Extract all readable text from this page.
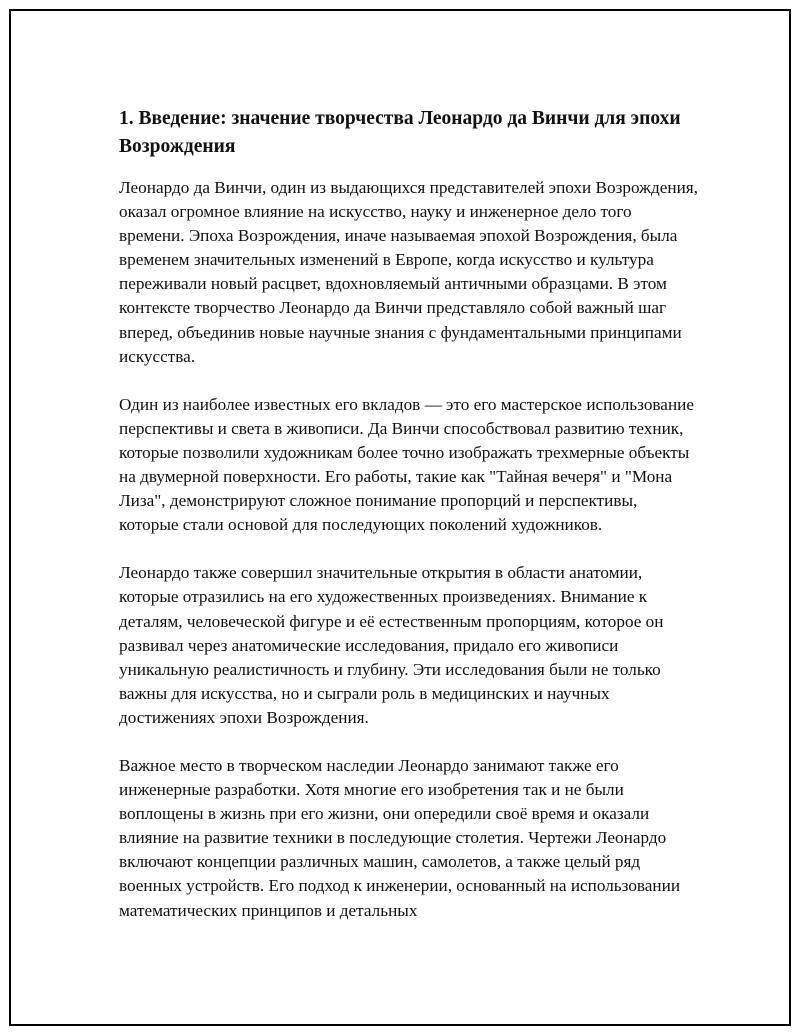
1. Введение: значение творчества Леонардо да Винчи для эпохи Возрождения

Леонардо да Винчи, один из выдающихся представителей эпохи Возрождения, оказал огромное влияние на искусство, науку и инженерное дело того времени. Эпоха Возрождения, иначе называемая эпохой Возрождения, была временем значительных изменений в Европе, когда искусство и культура переживали новый расцвет, вдохновляемый античными образцами. В этом контексте творчество Леонардо да Винчи представляло собой важный шаг вперед, объединив новые научные знания с фундаментальными принципами искусства.

Один из наиболее известных его вкладов — это его мастерское использование перспективы и света в живописи. Да Винчи способствовал развитию техник, которые позволили художникам более точно изображать трехмерные объекты на двумерной поверхности. Его работы, такие как "Тайная вечеря" и "Мона Лиза", демонстрируют сложное понимание пропорций и перспективы, которые стали основой для последующих поколений художников.

Леонардо также совершил значительные открытия в области анатомии, которые отразились на его художественных произведениях. Внимание к деталям, человеческой фигуре и её естественным пропорциям, которое он развивал через анатомические исследования, придало его живописи уникальную реалистичность и глубину. Эти исследования были не только важны для искусства, но и сыграли роль в медицинских и научных достижениях эпохи Возрождения.

Важное место в творческом наследии Леонардо занимают также его инженерные разработки. Хотя многие его изобретения так и не были воплощены в жизнь при его жизни, они опередили своё время и оказали влияние на развитие техники в последующие столетия. Чертежи Леонардо включают концепции различных машин, самолетов, а также целый ряд военных устройств. Его подход к инженерии, основанный на использовании математических принципов и детальных
